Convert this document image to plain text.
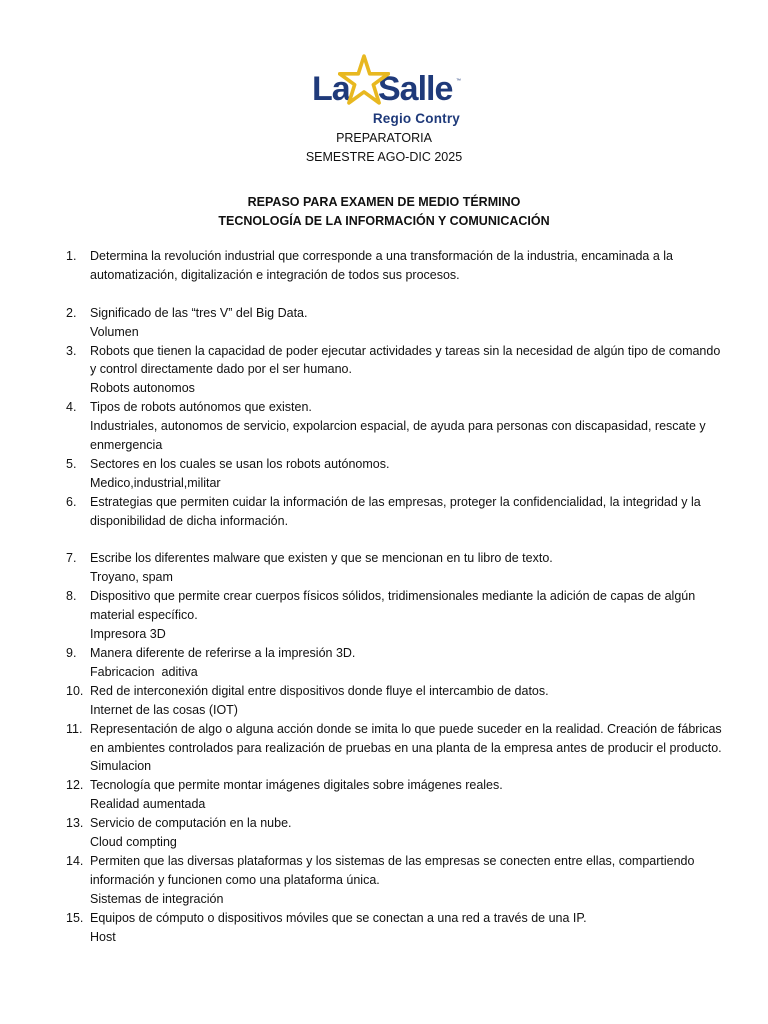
La Salle ™
Regio Contry
PREPARATORIA
SEMESTRE AGO-DIC 2025
REPASO PARA EXAMEN DE MEDIO TÉRMINO
TECNOLOGÍA DE LA INFORMACIÓN Y COMUNICACIÓN
1. Determina la revolución industrial que corresponde a una transformación de la industria, encaminada a la automatización, digitalización e integración de todos sus procesos.
2. Significado de las “tres V” del Big Data.
Volumen
3. Robots que tienen la capacidad de poder ejecutar actividades y tareas sin la necesidad de algún tipo de comando y control directamente dado por el ser humano.
Robots autonomos
4. Tipos de robots autónomos que existen.
Industriales, autonomos de servicio, expolarcion espacial, de ayuda para personas con discapasidad, rescate y enmergencia
5. Sectores en los cuales se usan los robots autónomos.
Medico,industrial,militar
6. Estrategias que permiten cuidar la información de las empresas, proteger la confidencialidad, la integridad y la disponibilidad de dicha información.
7. Escribe los diferentes malware que existen y que se mencionan en tu libro de texto.
Troyano, spam
8. Dispositivo que permite crear cuerpos físicos sólidos, tridimensionales mediante la adición de capas de algún material específico.
Impresora 3D
9. Manera diferente de referirse a la impresión 3D.
Fabricacion  aditiva
10. Red de interconexión digital entre dispositivos donde fluye el intercambio de datos.
Internet de las cosas (IOT)
11. Representación de algo o alguna acción donde se imita lo que puede suceder en la realidad. Creación de fábricas en ambientes controlados para realización de pruebas en una planta de la empresa antes de producir el producto.
Simulacion
12. Tecnología que permite montar imágenes digitales sobre imágenes reales.
Realidad aumentada
13. Servicio de computación en la nube.
Cloud compting
14. Permiten que las diversas plataformas y los sistemas de las empresas se conecten entre ellas, compartiendo información y funcionen como una plataforma única.
Sistemas de integración
15. Equipos de cómputo o dispositivos móviles que se conectan a una red a través de una IP.
Host
